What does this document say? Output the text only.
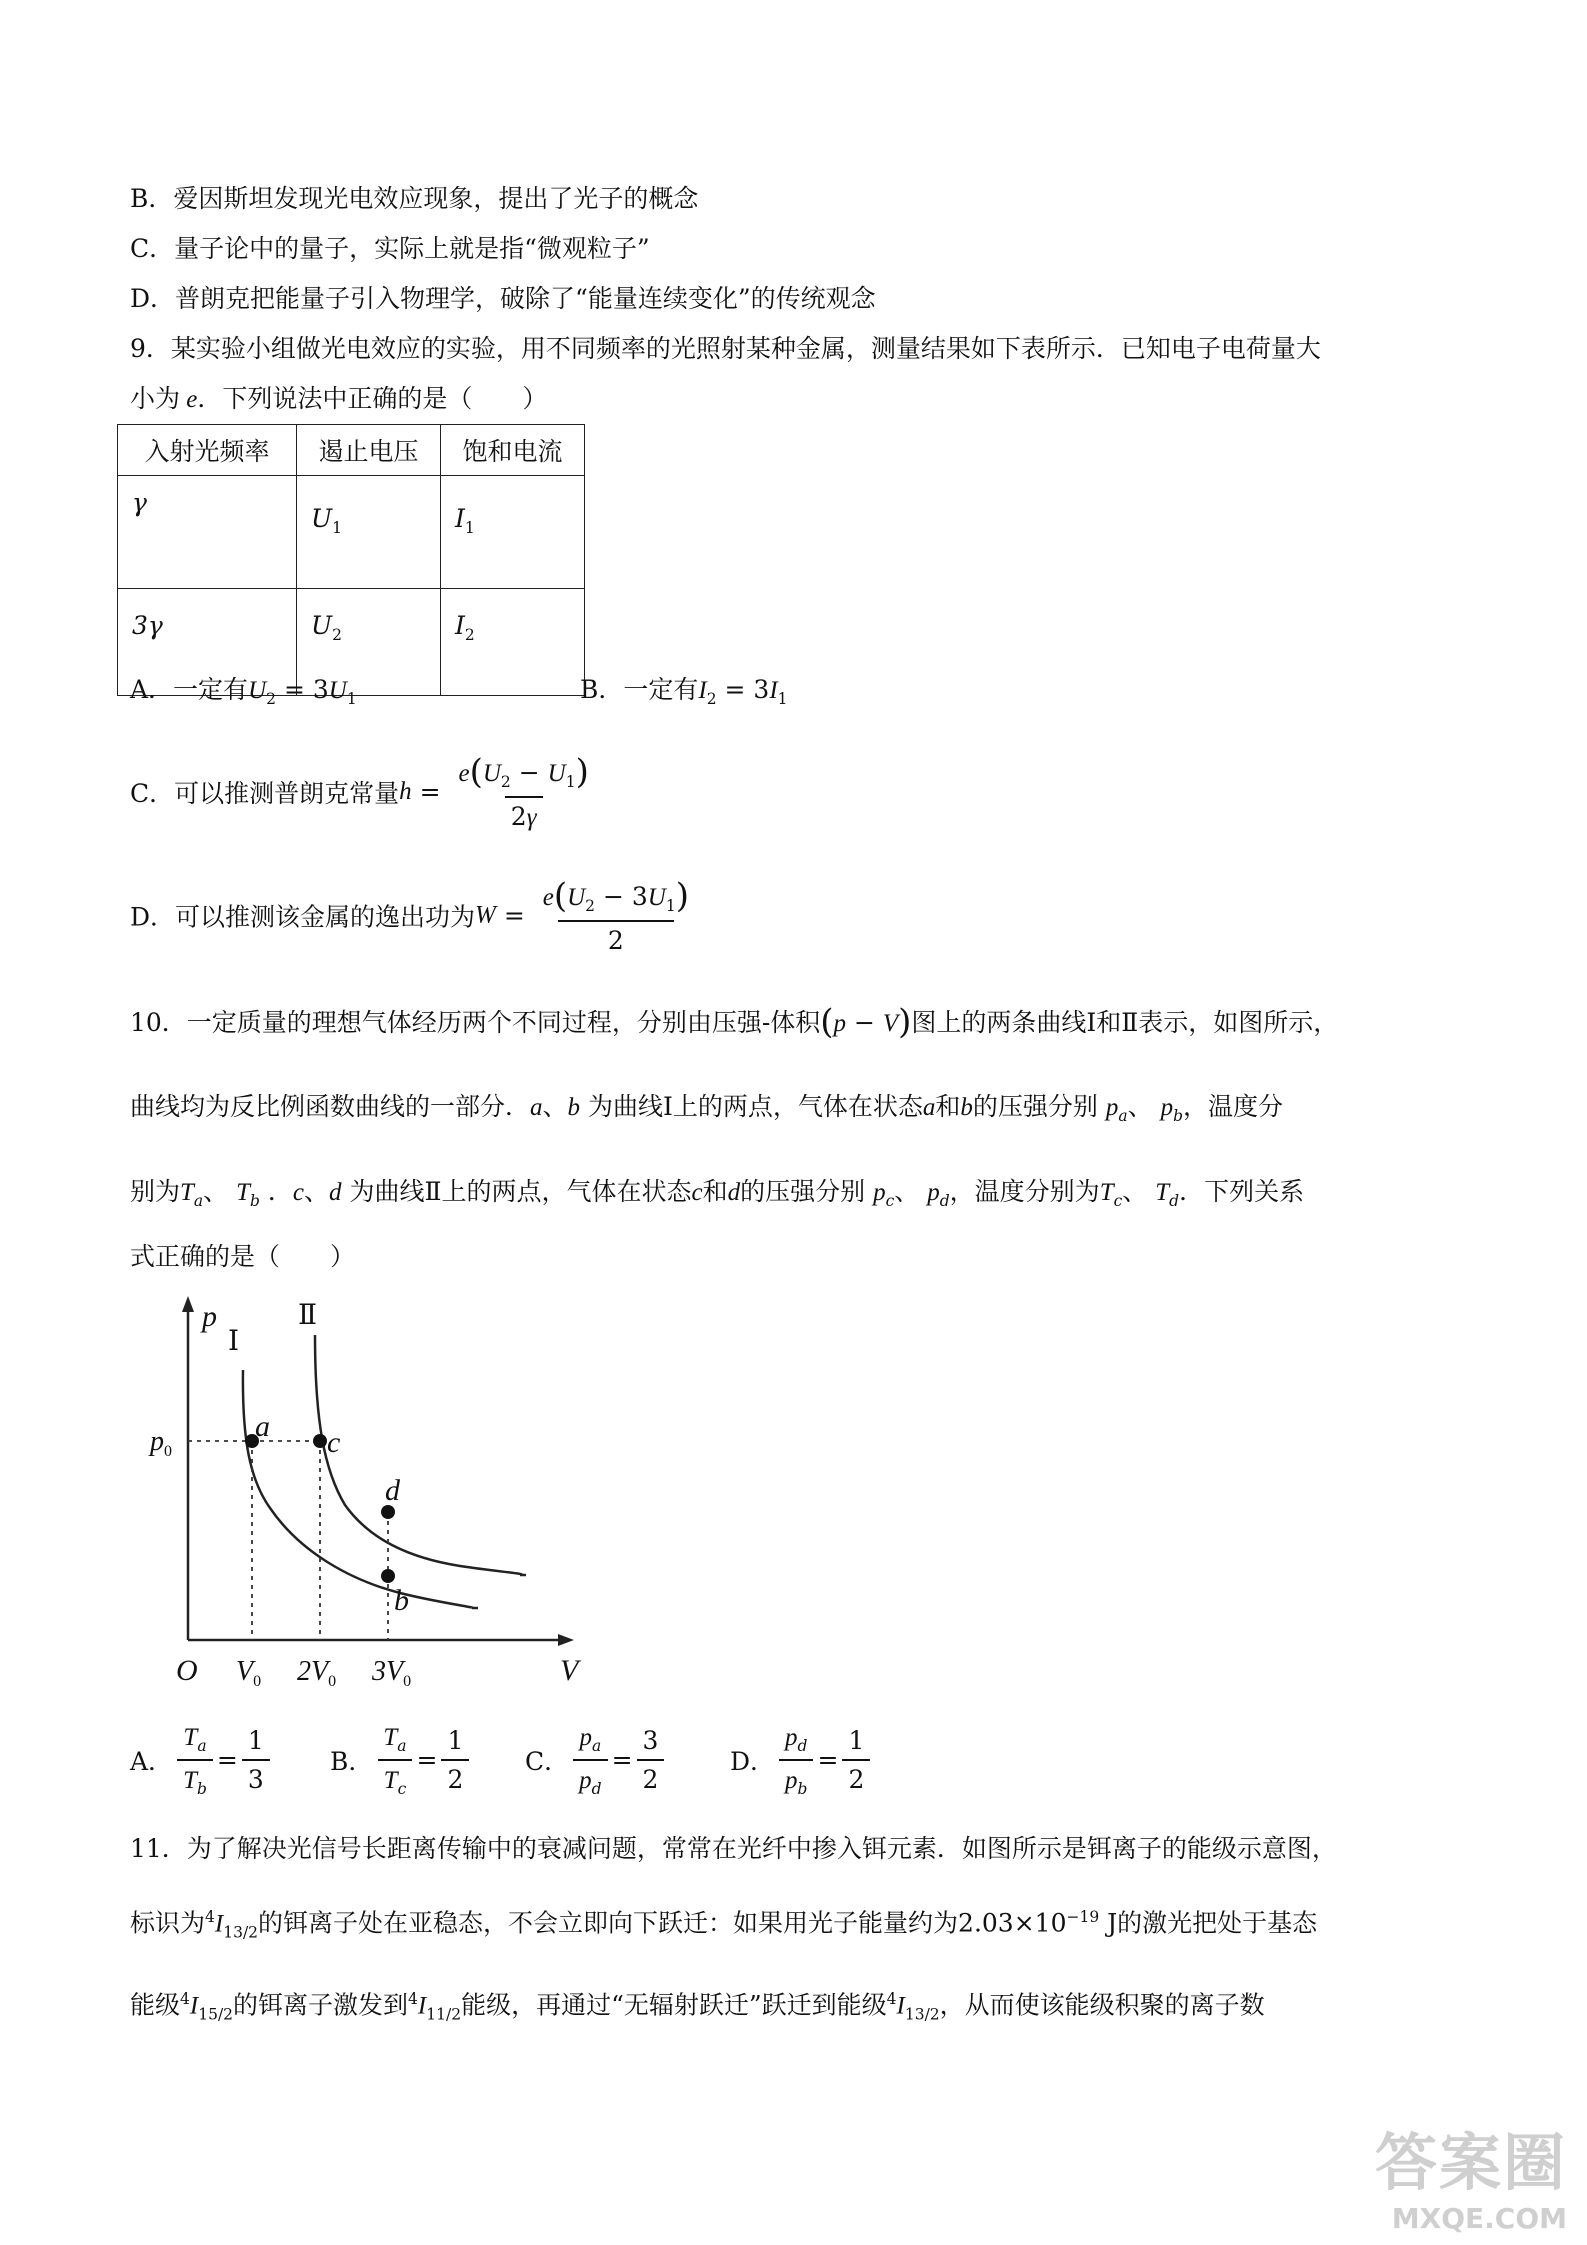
B．爱因斯坦发现光电效应现象，提出了光子的概念
C．量子论中的量子，实际上就是指“微观粒子”
D．普朗克把能量子引入物理学，破除了“能量连续变化”的传统观念
9．某实验小组做光电效应的实验，用不同频率的光照射某种金属，测量结果如下表所示．已知电子电荷量大
小为 e．下列说法中正确的是（　　）
入射光频率	遏止电压	饱和电流
γ	$U_1$	$I_1$
3γ	$U_2$	$I_2$
A．一定有$U_2 = 3U_1$	B．一定有$I_2 = 3I_1$
C．可以推测普朗克常量$h = \frac{e(U_2 - U_1)}{2\gamma}$
D．可以推测该金属的逸出功为$W = \frac{e(U_2 - 3U_1)}{2}$
10．一定质量的理想气体经历两个不同过程，分别由压强-体积(p − V)图上的两条曲线Ⅰ和Ⅱ表示，如图所示，
曲线均为反比例函数曲线的一部分．a、b 为曲线Ⅰ上的两点，气体在状态a和b的压强分别 $p_a$、 $p_b$，温度分
别为$T_a$、 $T_b$ ．c、d 为曲线Ⅱ上的两点，气体在状态c和d的压强分别 $p_c$、 $p_d$，温度分别为$T_c$、 $T_d$．下列关系
式正确的是（　　）
p
V
O
a c
d
b
Ⅰ
Ⅱ
$p_0$
$V_0$ $2V_0$ $3V_0$
A． $\frac{T_a}{T_b} = \frac{1}{3}$ B． $\frac{T_a}{T_c} = \frac{1}{2}$ C． $\frac{p_a}{p_d} = \frac{3}{2}$	D． $\frac{p_d}{p_b} = \frac{1}{2}$
11．为了解决光信号长距离传输中的衰减问题，常常在光纤中掺入铒元素．如图所示是铒离子的能级示意图，
标识为$^4I_{13/2}$的铒离子处在亚稳态，不会立即向下跃迁：如果用光子能量约为$2.03\times 10^{-19}$ J的激光把处于基态
能级$^4I_{15/2}$的铒离子激发到$^4I_{11/2}$能级，再通过“无辐射跃迁”跃迁到能级$^4I_{13/2}$，从而使该能级积聚的离子数
答案圈
MXQE.COM
